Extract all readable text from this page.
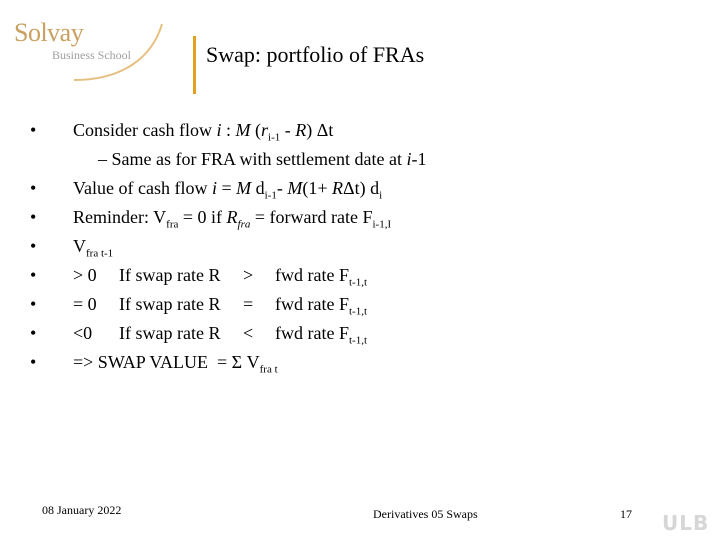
Solvay
Business School	Swap: portfolio of FRAs
• Consider cash flow i : M $(r_{i-1} - R)$ Δt
– Same as for FRA with settlement date at i-1
• Value of cash flow i = M $d_{i-1}-$ M(1+ RΔt) $d_i$
• Reminder: $V_{fra} = 0$ if $R_{fra}$ = forward rate $F_{i-1,I}$
• $V_{fra t-1}$
• > 0 If swap rate R > fwd rate $F_{t-1,t}$
• = 0 If swap rate R = fwd rate $F_{t-1,t}$
• <0 If swap rate R < fwd rate $F_{t-1,t}$
• => SWAP VALUE  = Σ $V_{fra t}$
08 January 2022	Derivatives 05 Swaps	17 ULB
